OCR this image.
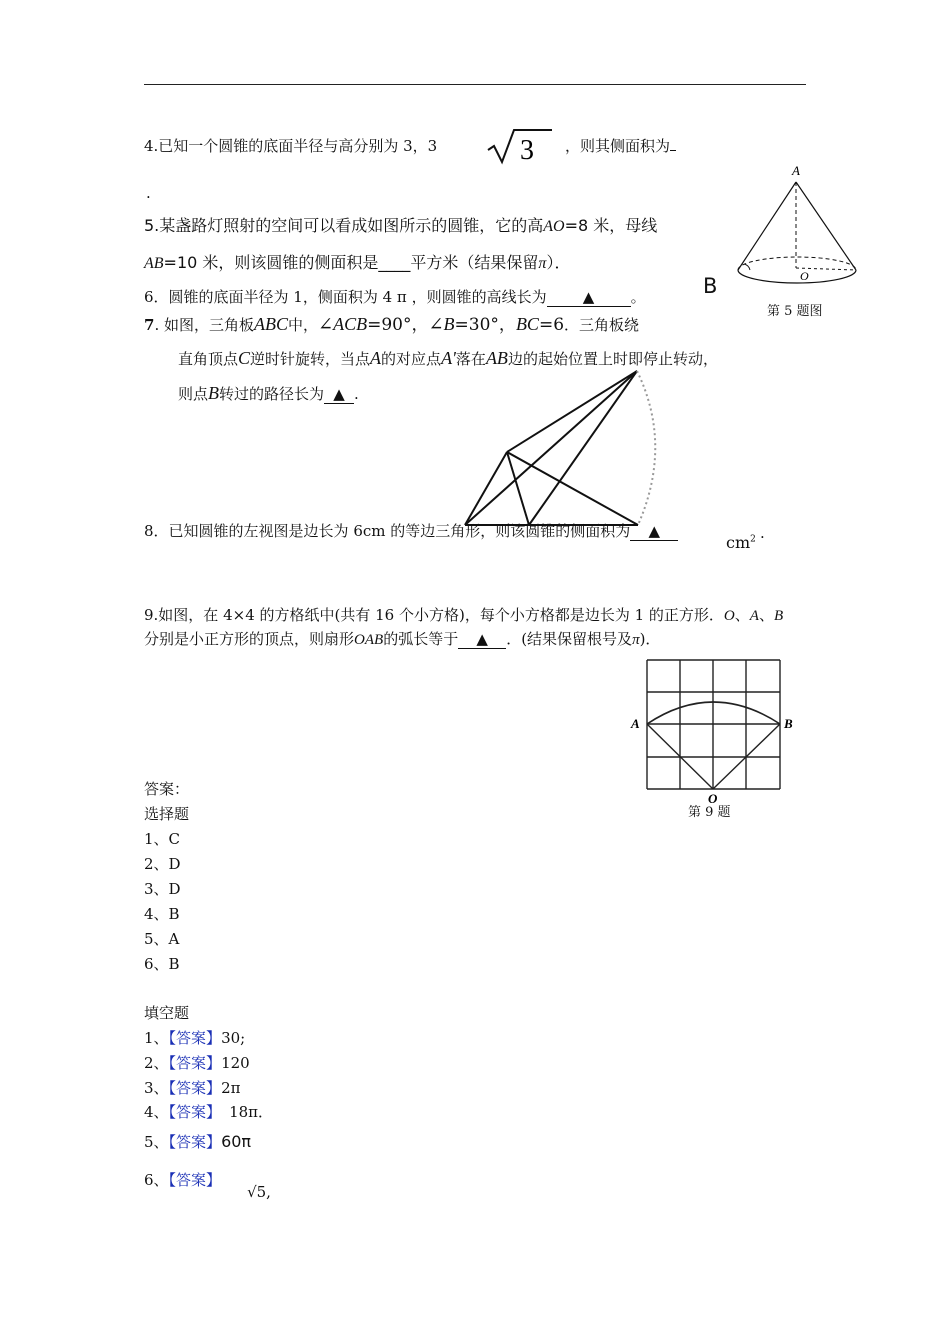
4.已知一个圆锥的底面半径与高分别为 3，3	3 ，则其侧面积为
.
5.某盏路灯照射的空间可以看成如图所示的圆锥，它的高AO=8 米，母线
AB=10 米，则该圆锥的侧面积是____平方米（结果保留π）．
B
A
O
第 5 题图
6．圆锥的底面半径为 1，侧面积为 4 π ，则圆锥的高线长为 ▲ 。
7. 如图，三角板ABC中，∠ACB=90°，∠B=30°，BC=6．三角板绕
直角顶点C逆时针旋转，当点A的对应点A'落在AB边的起始位置上时即停止转动，
则点B转过的路径长为 ▲ .
8．已知圆锥的左视图是边长为 6cm 的等边三角形，则该圆锥的侧面积为 ▲
$cm^2$ .
9.如图，在 4×4 的方格纸中(共有 16 个小方格)，每个小方格都是边长为 1 的正方形．O、A、B
分别是小正方形的顶点，则扇形OAB的弧长等于 ▲ ．(结果保留根号及π)．
A	B
O
第 9 题
答案：
选择题
1、C
2、D
3、D
4、B
5、A
6、B
填空题
1、【答案】30;
2、【答案】120
3、【答案】2π
4、【答案】 18π．
5、【答案】60π
6、【答案】√5,
